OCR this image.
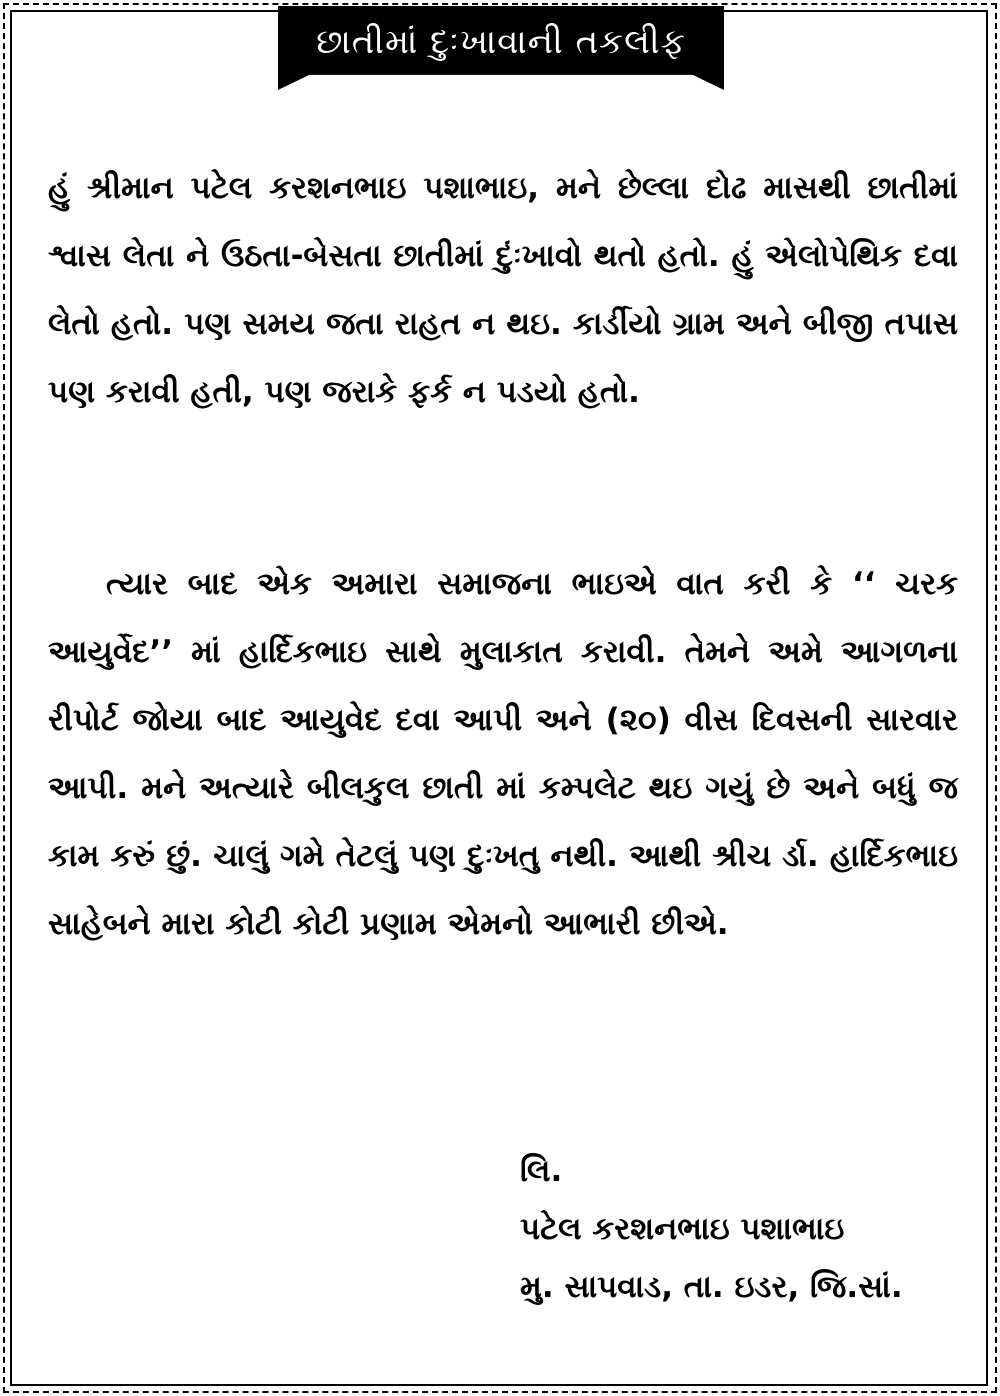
છાતીમાં દુઃખાવાની તકલીફ

હું શ્રીમાન પટેલ કરશનભાઇ પશાભાઇ, મને છેલ્લા દોઢ માસથી છાતીમાં શ્વાસ લેતા ને ઉઠતા-બેસતા છાતીમાં દુંઃખાવો થતો હતો. હું એલોપેથિક દવા લેતો હતો. પણ સમય જતા રાહત ન થઇ. કાર્ડીયો ગ્રામ અને બીજી તપાસ પણ કરાવી હતી, પણ જરાકે ફર્ક ન પડયો હતો.

ત્યાર બાદ એક અમારા સમાજના ભાઇએ વાત કરી કે ‘‘ ચરક આયુર્વેદ’’ માં હાર્દિકભાઇ સાથે મુલાકાત કરાવી. તેમને અમે આગળના રીપોર્ટ જોયા બાદ આયુવેદ દવા આપી અને (૨૦) વીસ દિવસની સારવાર આપી. મને અત્યારે બીલકુલ છાતી માં કમ્પલેટ થઇ ગયું છે અને બધું જ કામ કરું છું. ચાલું ગમે તેટલું પણ દુઃખતુ નથી. આથી શ્રીચ ર્ડા. હાર્દિકભાઇ સાહેબને મારા કોટી કોટી પ્રણામ એમનો આભારી છીએ.

લિ.
પટેલ કરશનભાઇ પશાભાઇ
મુ. સાપવાડ, તા. ઇડર, જિ.સાં.
